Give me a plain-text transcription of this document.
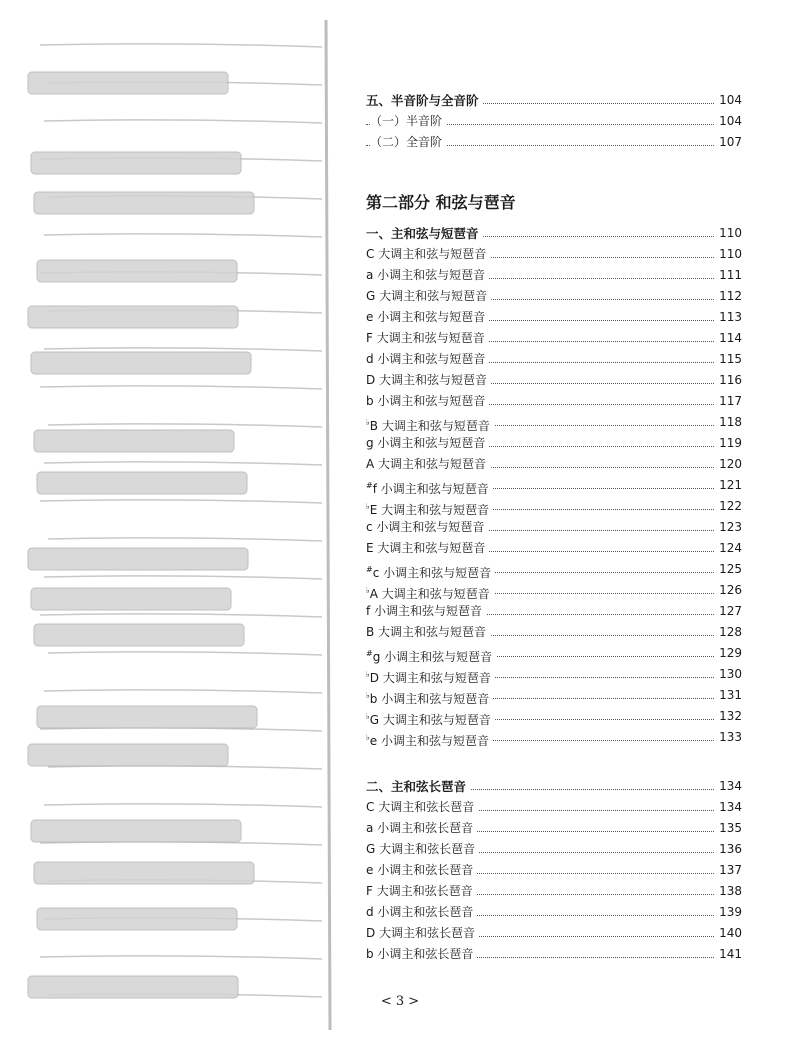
五、半音阶与全音阶	104
（一）半音阶	104
（二）全音阶	107
第二部分 和弦与琶音
一、主和弦与短琶音	110
C 大调主和弦与短琶音	110
a 小调主和弦与短琶音	111
G 大调主和弦与短琶音	112
e 小调主和弦与短琶音	113
F 大调主和弦与短琶音	114
d 小调主和弦与短琶音	115
D 大调主和弦与短琶音	116
b 小调主和弦与短琶音	117
♭B 大调主和弦与短琶音	118
g 小调主和弦与短琶音	119
A 大调主和弦与短琶音	120
#f 小调主和弦与短琶音	121
♭E 大调主和弦与短琶音	122
c 小调主和弦与短琶音	123
E 大调主和弦与短琶音	124
#c 小调主和弦与短琶音	125
♭A 大调主和弦与短琶音	126
f 小调主和弦与短琶音	127
B 大调主和弦与短琶音	128
#g 小调主和弦与短琶音	129
♭D 大调主和弦与短琶音	130
♭b 小调主和弦与短琶音	131
♭G 大调主和弦与短琶音	132
♭e 小调主和弦与短琶音	133
二、主和弦长琶音	134
C 大调主和弦长琶音	134
a 小调主和弦长琶音	135
G 大调主和弦长琶音	136
e 小调主和弦长琶音	137
F 大调主和弦长琶音	138
d 小调主和弦长琶音	139
D 大调主和弦长琶音	140
b 小调主和弦长琶音	141
< 3 >
